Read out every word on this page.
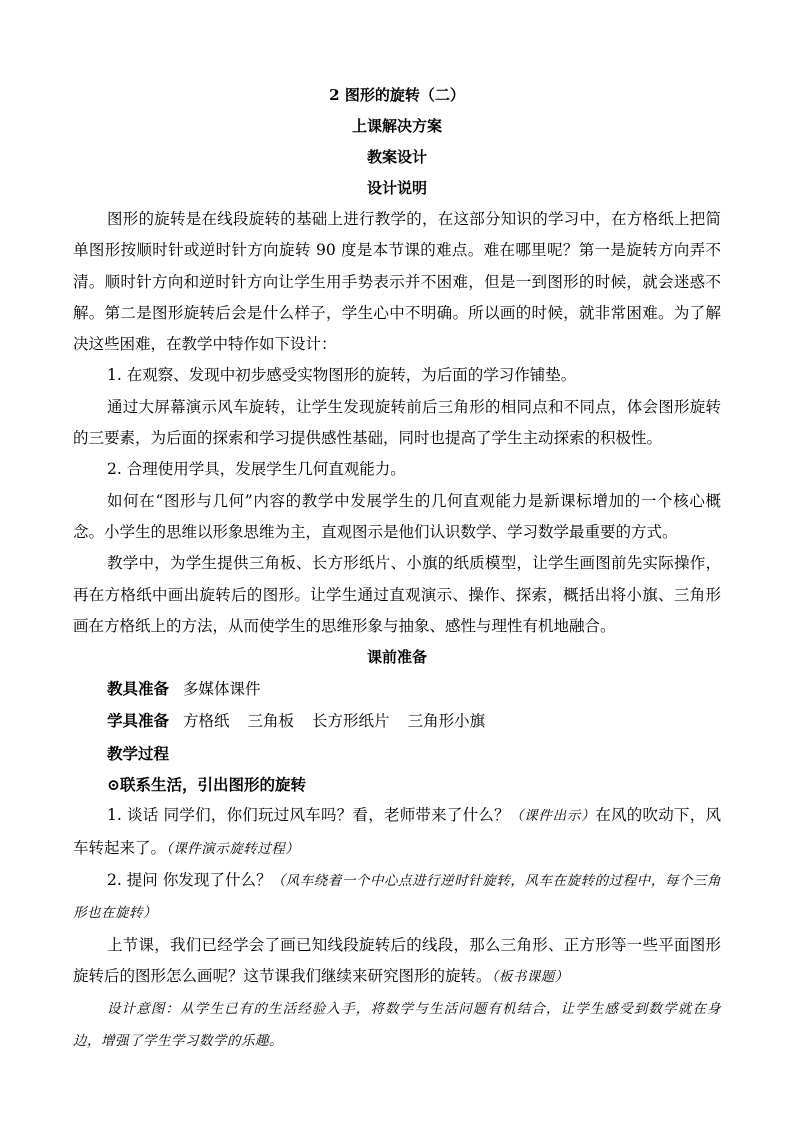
2 图形的旋转（二）
上课解决方案
教案设计
设计说明

图形的旋转是在线段旋转的基础上进行教学的，在这部分知识的学习中，在方格纸上把简单图形按顺时针或逆时针方向旋转 90 度是本节课的难点。难在哪里呢？第一是旋转方向弄不清。顺时针方向和逆时针方向让学生用手势表示并不困难，但是一到图形的时候，就会迷惑不解。第二是图形旋转后会是什么样子，学生心中不明确。所以画的时候，就非常困难。为了解决这些困难，在教学中特作如下设计：

1. 在观察、发现中初步感受实物图形的旋转，为后面的学习作铺垫。

通过大屏幕演示风车旋转，让学生发现旋转前后三角形的相同点和不同点，体会图形旋转的三要素，为后面的探索和学习提供感性基础，同时也提高了学生主动探索的积极性。

2. 合理使用学具，发展学生几何直观能力。

如何在“图形与几何”内容的教学中发展学生的几何直观能力是新课标增加的一个核心概念。小学生的思维以形象思维为主，直观图示是他们认识数学、学习数学最重要的方式。

教学中，为学生提供三角板、长方形纸片、小旗的纸质模型，让学生画图前先实际操作，再在方格纸中画出旋转后的图形。让学生通过直观演示、操作、探索，概括出将小旗、三角形画在方格纸上的方法，从而使学生的思维形象与抽象、感性与理性有机地融合。

课前准备

教具准备 多媒体课件

学具准备 方格纸 三角板 长方形纸片 三角形小旗

教学过程

⊙联系生活，引出图形的旋转

1. 谈话 同学们，你们玩过风车吗？看，老师带来了什么？（课件出示）在风的吹动下，风车转起来了。（课件演示旋转过程）

2. 提问 你发现了什么？（风车绕着一个中心点进行逆时针旋转，风车在旋转的过程中，每个三角形也在旋转）

上节课，我们已经学会了画已知线段旋转后的线段，那么三角形、正方形等一些平面图形旋转后的图形怎么画呢？这节课我们继续来研究图形的旋转。（板书课题）

设计意图：从学生已有的生活经验入手，将数学与生活问题有机结合，让学生感受到数学就在身边，增强了学生学习数学的乐趣。
